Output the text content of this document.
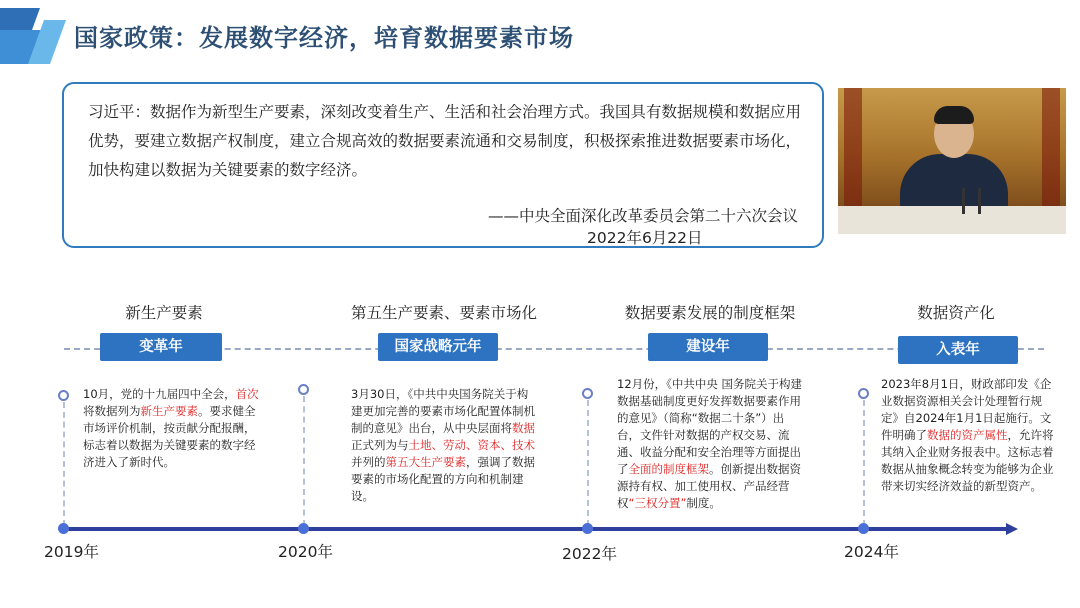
国家政策：发展数字经济，培育数据要素市场
习近平：数据作为新型生产要素，深刻改变着生产、生活和社会治理方式。我国具有数据规模和数据应用优势，要建立数据产权制度，建立合规高效的数据要素流通和交易制度，积极探索推进数据要素市场化，加快构建以数据为关键要素的数字经济。
——中央全面深化改革委员会第二十六次会议
2022年6月22日
新生产要素
变革年
10月，党的十九届四中全会，首次将数据列为新生产要素。要求健全市场评价机制，按贡献分配报酬，标志着以数据为关键要素的数字经济进入了新时代。
2019年
第五生产要素、要素市场化
国家战略元年
3月30日，《中共中央国务院关于构建更加完善的要素市场化配置体制机制的意见》出台，从中央层面将数据正式列为与土地、劳动、资本、技术并列的第五大生产要素，强调了数据要素的市场化配置的方向和机制建设。
2020年
数据要素发展的制度框架
建设年
12月份，《中共中央 国务院关于构建数据基础制度更好发挥数据要素作用的意见》（简称“数据二十条”）出台，文件针对数据的产权交易、流通、收益分配和安全治理等方面提出了全面的制度框架。创新提出数据资源持有权、加工使用权、产品经营权“三权分置”制度。
2022年
数据资产化
入表年
2023年8月1日，财政部印发《企业数据资源相关会计处理暂行规定》自2024年1月1日起施行。文件明确了数据的资产属性，允许将其纳入企业财务报表中。这标志着数据从抽象概念转变为能够为企业带来切实经济效益的新型资产。
2024年
